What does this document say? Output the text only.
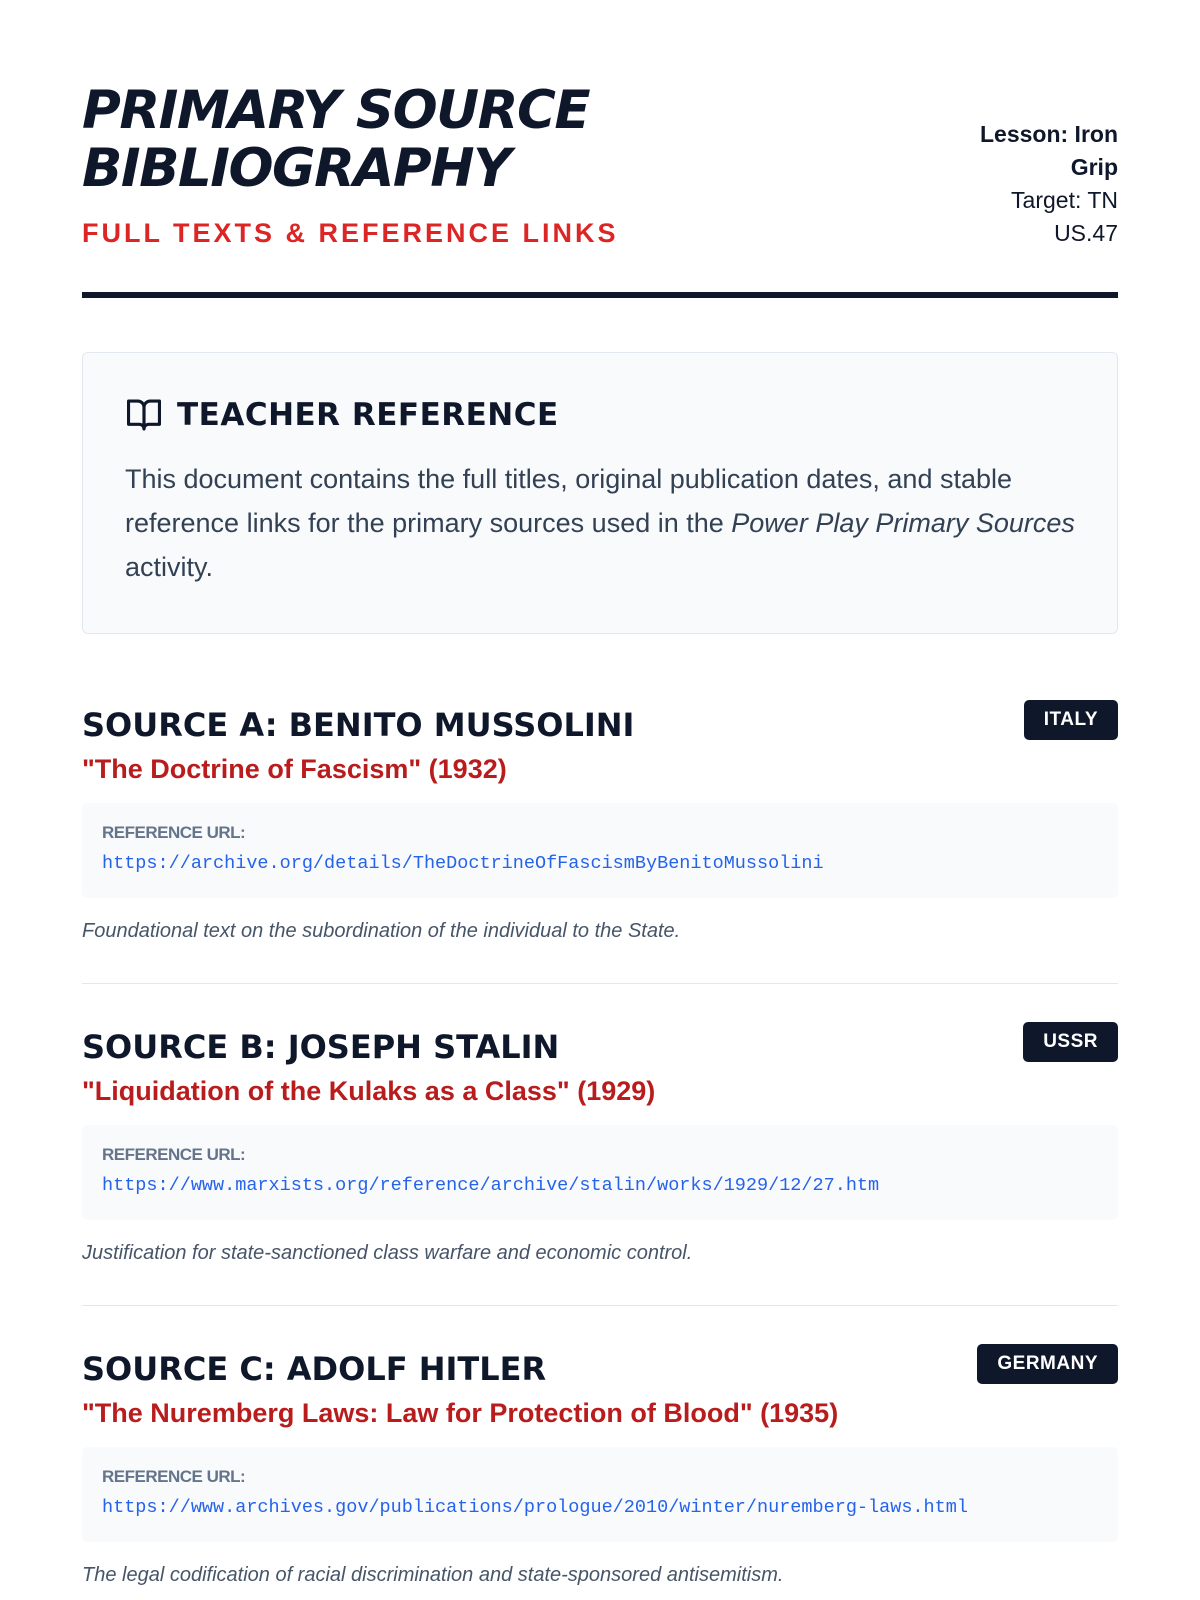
PRIMARY SOURCE
BIBLIOGRAPHY
FULL TEXTS & REFERENCE LINKS
Lesson: Iron Grip
Target: TN US.47
TEACHER REFERENCE

This document contains the full titles, original publication dates, and stable reference links for the primary sources used in the Power Play Primary Sources activity.

SOURCE A: BENITO MUSSOLINI	ITALY
"The Doctrine of Fascism" (1932)
REFERENCE URL:
https://archive.org/details/TheDoctrineOfFascismByBenitoMussolini

Foundational text on the subordination of the individual to the State.

SOURCE B: JOSEPH STALIN	USSR
"Liquidation of the Kulaks as a Class" (1929)
REFERENCE URL:
https://www.marxists.org/reference/archive/stalin/works/1929/12/27.htm

Justification for state-sanctioned class warfare and economic control.

SOURCE C: ADOLF HITLER	GERMANY
"The Nuremberg Laws: Law for Protection of Blood" (1935)
REFERENCE URL:
https://www.archives.gov/publications/prologue/2010/winter/nuremberg-laws.html

The legal codification of racial discrimination and state-sponsored antisemitism.
